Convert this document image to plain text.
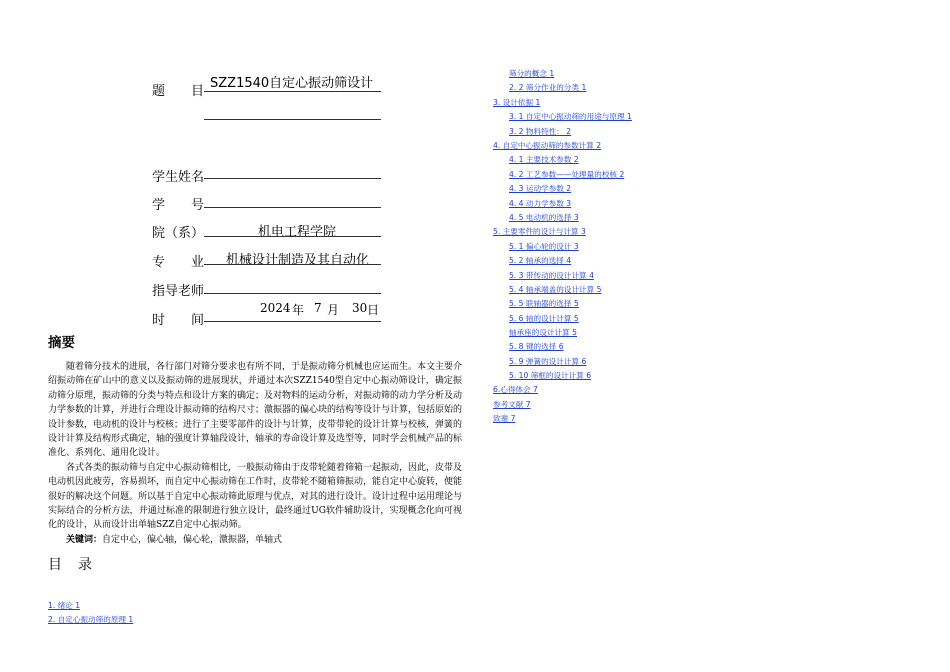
题　　目
SZZ1540自定心振动筛设计
学生姓名
学　　号
院（系）	机电工程学院
专　　业 机械设计制造及其自动化
指导老师
时　　间
2024 年 7 月 30 日
摘要

随着筛分技术的进展，各行部门对筛分要求也有所不同，于是振动筛分机械也应运而生。本文主要介绍振动筛在矿山中的意义以及振动筛的进展现状，并通过本次SZZ1540型自定中心振动筛设计，确定振动筛分原理，振动筛的分类与特点和设计方案的确定；及对物料的运动分析，对振动筛的动力学分析及动力学参数的计算，并进行合理设计振动筛的结构尺寸；激振器的偏心块的结构等设计与计算，包括原始的设计参数，电动机的设计与校核；进行了主要零部件的设计与计算，皮带带轮的设计计算与校核，弹簧的设计计算及结构形式确定，轴的强度计算轴段设计，轴承的寿命设计算及选型等，同时学会机械产品的标准化、系列化、通用化设计。

各式各类的振动筛与自定中心振动筛相比，一般振动筛由于皮带轮随着筛箱一起振动，因此，皮带及电动机因此疲劳，容易损坏，而自定中心振动筛在工作时，皮带轮不随箱筛振动，能自定中心旋转，便能很好的解决这个问题。所以基于自定中心振动筛此原理与优点，对其的进行设计。设计过程中运用理论与实际结合的分析方法，并通过标准的限制进行独立设计，最终通过UG软件辅助设计，实现概念化向可视化的设计，从而设计出单轴SZZ自定中心振动筛。

关键词：自定中心，偏心轴，偏心轮，激振器，单轴式
目　录
1. 绪论 1
2. 自定心振动筛的原理 1
筛分的概念 1
2. 2 筛分作业的分类 1
3. 设计依据 1
3. 1 自定中心振动筛的用途与原理 1
3. 2 物料特性： 2
4. 自定中心振动筛的参数计算 2
4. 1 主要技术参数 2
4. 2 工艺参数——处理量的校核 2
4. 3 运动学参数 2
4. 4 动力学参数 3
4. 5 电动机的选择 3
5. 主要零件的设计与计算 3
5. 1 偏心轮的设计 3
5. 2 轴承的选择 4
5. 3 带传动的设计计算 4
5. 4 轴承端盖的设计计算 5
5. 5 联轴器的选择 5
5. 6 轴的设计计算 5
轴承座的设计计算 5
5. 8 键的选择 6
5. 9 弹簧的设计计算 6
5. 10 筛框的设计计算 6
6.心得体会 7
参考文献 7
致谢 7
